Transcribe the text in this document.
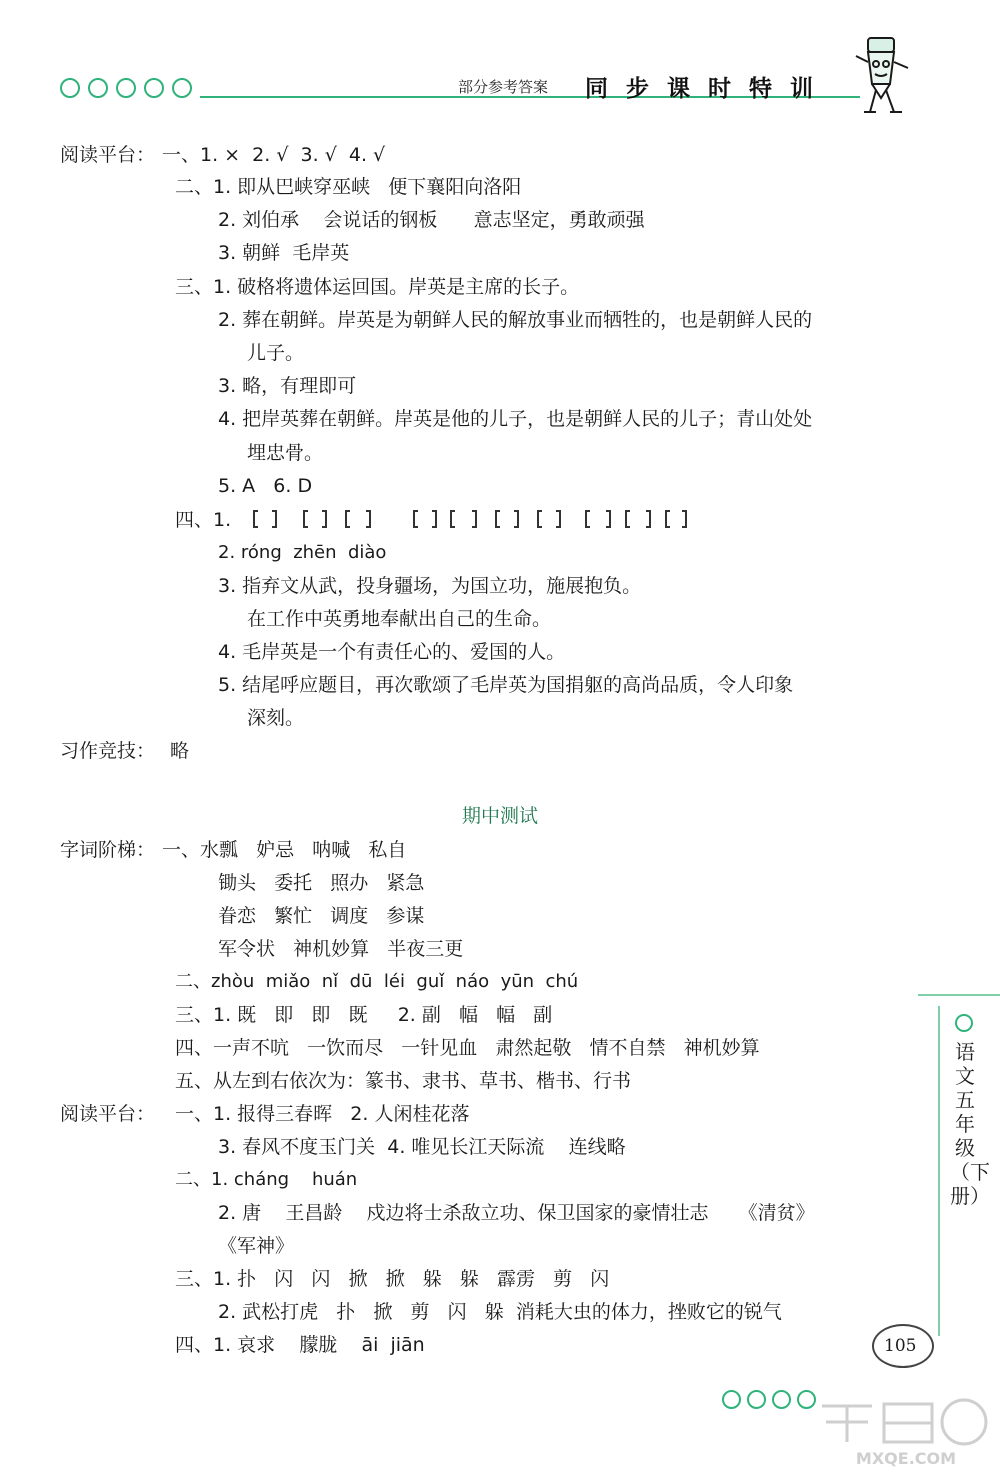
部分参考答案 同步课时特训
阅读平台： 一、1. ×  2. √  3. √  4. √
二、1. 即从巴峡穿巫峡   便下襄阳向洛阳
2. 刘伯承    会说话的钢板      意志坚定，勇敢顽强
3. 朝鲜  毛岸英
三、1. 破格将遗体运回国。岸英是主席的长子。
2. 葬在朝鲜。岸英是为朝鲜人民的解放事业而牺牲的，也是朝鲜人民的
儿子。
3. 略，有理即可
4. 把岸英葬在朝鲜。岸英是他的儿子，也是朝鲜人民的儿子；青山处处
埋忠骨。
5. A   6. D
四、1.
2. róng  zhēn  diào
3. 指弃文从武，投身疆场，为国立功，施展抱负。
在工作中英勇地奉献出自己的生命。
4. 毛岸英是一个有责任心的、爱国的人。
5. 结尾呼应题目，再次歌颂了毛岸英为国捐躯的高尚品质，令人印象
深刻。
习作竞技： 略
期中测试
字词阶梯： 一、水瓢   妒忌   呐喊   私自
锄头   委托   照办   紧急
眷恋   繁忙   调度   参谋
军令状   神机妙算   半夜三更
二、zhòu  miǎo  nǐ  dū  léi  guǐ  náo  yūn  chú
三、1. 既   即   即   既     2. 副   幅   幅   副
四、一声不吭   一饮而尽   一针见血   肃然起敬   情不自禁   神机妙算
五、从左到右依次为：篆书、隶书、草书、楷书、行书
阅读平台： 一、1. 报得三春晖   2. 人闲桂花落
3. 春风不度玉门关  4. 唯见长江天际流    连线略
二、1. cháng    huán
2. 唐    王昌龄    戍边将士杀敌立功、保卫国家的豪情壮志     《清贫》
《军神》
三、1. 扑   闪   闪   掀   掀   躲   躲   霹雳   剪   闪
2. 武松打虎   扑   掀   剪   闪   躲  消耗大虫的体力，挫败它的锐气
四、1. 哀求    朦胧    āi  jiān
语文 五年级（下册）
105
MXQE.COM
